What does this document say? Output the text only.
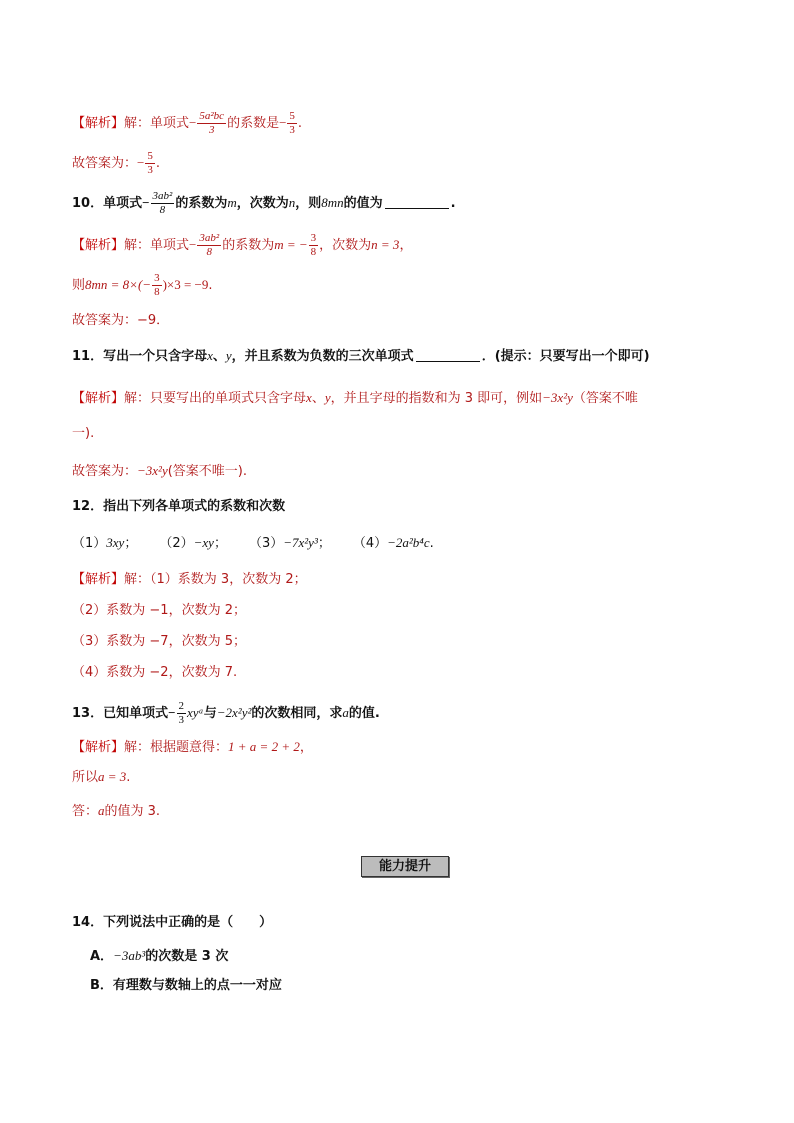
【解析】解：单项式− $\frac{\text{5a²bc}}{3}$ 的系数是− $\frac{5}{3}$ .
故答案为：− $\frac{5}{3}$ .
10．单项式− $\frac{\text{3ab²}}{8}$ 的系数为m，次数为n，则8mn的值为	.
【解析】解：单项式− $\frac{\text{3ab²}}{8}$ 的系数为m = − $\frac{3}{8}$ ，次数为n = 3，
则$8mn = 8\times(- \frac{3}{8} )\times 3 = -9$.
故答案为：−9．
11．写出一个只含字母x、y，并且系数为负数的三次单项式	．(提示：只要写出一个即可)
【解析】解：只要写出的单项式只含字母x、y，并且字母的指数和为 3 即可，例如−3x²y（答案不唯
一).
故答案为：−3x²y(答案不唯一).
12．指出下列各单项式的系数和次数
（1）3xy； （2）−xy； （3）−7x²y³； （4）−2a²b⁴c.
【解析】解：（1）系数为 3，次数为 2；
（2）系数为 −1，次数为 2；
（3）系数为 −7，次数为 5；
（4）系数为 −2，次数为 7.
13．已知单项式− $\frac{2}{3}$ xyᵃ与−2x²y²的次数相同，求a的值.
【解析】解：根据题意得：1 + a = 2 + 2，
所以a = 3.
答：a的值为 3.
能力提升
14．下列说法中正确的是（　　）
A．−3ab³的次数是 3 次
B．有理数与数轴上的点一一对应
